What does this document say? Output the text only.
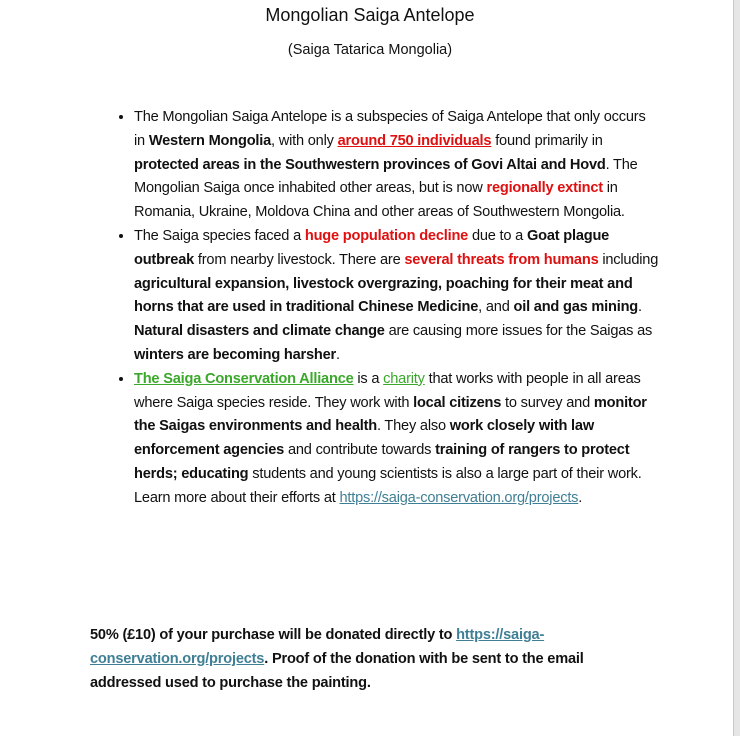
Mongolian Saiga Antelope
(Saiga Tatarica Mongolia)
• The Mongolian Saiga Antelope is a subspecies of Saiga Antelope that only occurs in Western Mongolia, with only around 750 individuals found primarily in protected areas in the Southwestern provinces of Govi Altai and Hovd. The Mongolian Saiga once inhabited other areas, but is now regionally extinct in Romania, Ukraine, Moldova China and other areas of Southwestern Mongolia.
• The Saiga species faced a huge population decline due to a Goat plague outbreak from nearby livestock. There are several threats from humans including agricultural expansion, livestock overgrazing, poaching for their meat and horns that are used in traditional Chinese Medicine, and oil and gas mining. Natural disasters and climate change are causing more issues for the Saigas as winters are becoming harsher.
• The Saiga Conservation Alliance is a charity that works with people in all areas where Saiga species reside. They work with local citizens to survey and monitor the Saigas environments and health. They also work closely with law enforcement agencies and contribute towards training of rangers to protect herds; educating students and young scientists is also a large part of their work. Learn more about their efforts at https://saiga-conservation.org/projects.
50% (£10) of your purchase will be donated directly to https://saiga-conservation.org/projects. Proof of the donation with be sent to the email addressed used to purchase the painting.
